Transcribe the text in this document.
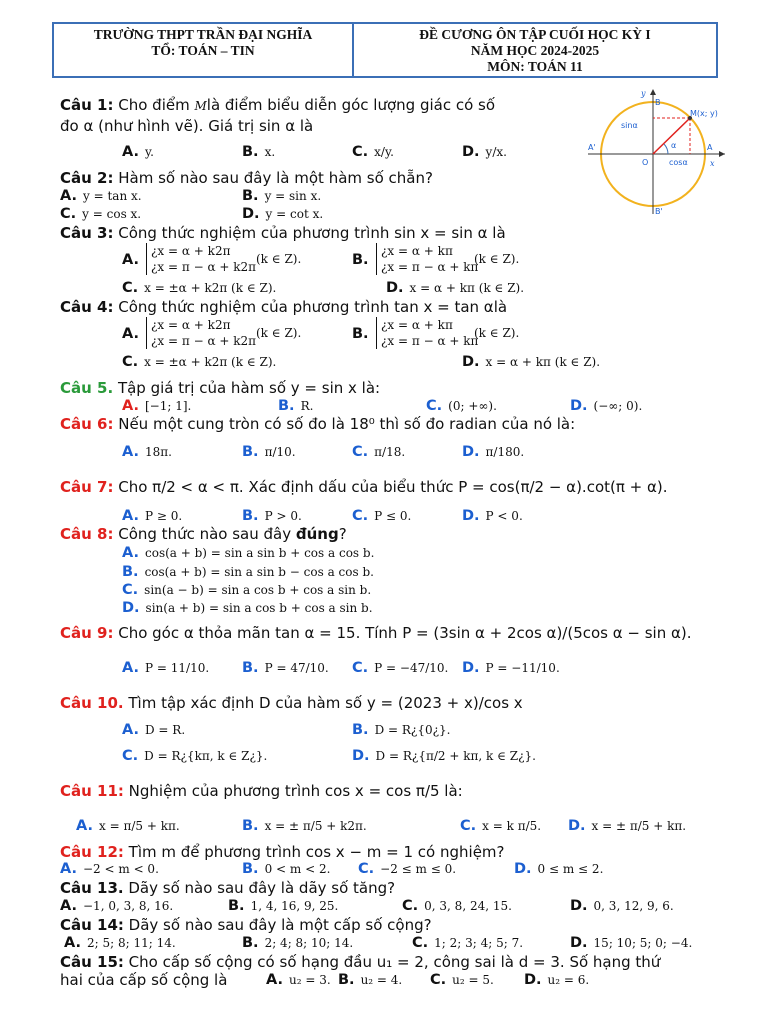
TRƯỜNG THPT TRẦN ĐẠI NGHĨA
TỔ: TOÁN – TIN
ĐỀ CƯƠNG ÔN TẬP CUỐI HỌC KỲ I
NĂM HỌC 2024-2025
MÔN: TOÁN 11
y
B
B'
A'	A
x
O
M(x; y)
sinα
cosα
α
Câu 1: Cho điểm Mlà điểm biểu diễn góc lượng giác có số
đo α (như hình vẽ). Giá trị sin α là
A. y.	B. x.	C. x/y.	D. y/x.
Câu 2: Hàm số nào sau đây là một hàm số chẵn?
A. y = tan x.	B. y = sin x.
C. y = cos x.	D. y = cot x.
Câu 3: Công thức nghiệm của phương trình sin x = sin α là
A.
¿x = α + k2π
¿x = π − α + k2π
(k ∈ Z).	B.
¿x = α + kπ
¿x = π − α + kπ
(k ∈ Z).
C. x = ±α + k2π (k ∈ Z).	D. x = α + kπ (k ∈ Z).
Câu 4: Công thức nghiệm của phương trình tan x = tan αlà
A.
¿x = α + k2π
¿x = π − α + k2π
(k ∈ Z).	B.
¿x = α + kπ
¿x = π − α + kπ
(k ∈ Z).
C. x = ±α + k2π (k ∈ Z).	D. x = α + kπ (k ∈ Z).
Câu 5. Tập giá trị của hàm số y = sin x là:
A. [−1; 1].	B. R.	C. (0; +∞).	D. (−∞; 0).
Câu 6: Nếu một cung tròn có số đo là 18⁰ thì số đo radian của nó là:
A. 18π.	B. π/10.	C. π/18.	D. π/180.
Câu 7: Cho π/2 < α < π. Xác định dấu của biểu thức P = cos(π/2 − α).cot(π + α).
A. P ≥ 0.	B. P > 0.	C. P ≤ 0.	D. P < 0.
Câu 8: Công thức nào sau đây đúng?
A. cos(a + b) = sin a sin b + cos a cos b.
B. cos(a + b) = sin a sin b − cos a cos b.
C. sin(a − b) = sin a cos b + cos a sin b.
D. sin(a + b) = sin a cos b + cos a sin b.
Câu 9: Cho góc α thỏa mãn tan α = 15. Tính P = (3sin α + 2cos α)/(5cos α − sin α).
A. P = 11/10. B. P = 47/10. C. P = −47/10. D. P = −11/10.
Câu 10. Tìm tập xác định D của hàm số y = (2023 + x)/cos x
A. D = R.	B. D = R¿{0¿}.
C. D = R¿{kπ, k ∈ Z¿}.	D. D = R¿{π/2 + kπ, k ∈ Z¿}.
Câu 11: Nghiệm của phương trình cos x = cos π/5 là:
A. x = π/5 + kπ.	B. x = ± π/5 + k2π.	C. x = k π/5. D. x = ± π/5 + kπ.
Câu 12: Tìm m để phương trình cos x − m = 1 có nghiệm?
A. −2 < m < 0.	B. 0 < m < 2. C. −2 ≤ m ≤ 0.	D. 0 ≤ m ≤ 2.
Câu 13. Dãy số nào sau đây là dãy số tăng?
A. −1, 0, 3, 8, 16.	B. 1, 4, 16, 9, 25.	C. 0, 3, 8, 24, 15.	D. 0, 3, 12, 9, 6.
Câu 14: Dãy số nào sau đây là một cấp số cộng?
A. 2; 5; 8; 11; 14.	B. 2; 4; 8; 10; 14.	C. 1; 2; 3; 4; 5; 7.	D. 15; 10; 5; 0; −4.
Câu 15: Cho cấp số cộng có số hạng đầu u₁ = 2, công sai là d = 3. Số hạng thứ
hai của cấp số cộng là	A. u₂ = 3. B. u₂ = 4. C. u₂ = 5. D. u₂ = 6.
